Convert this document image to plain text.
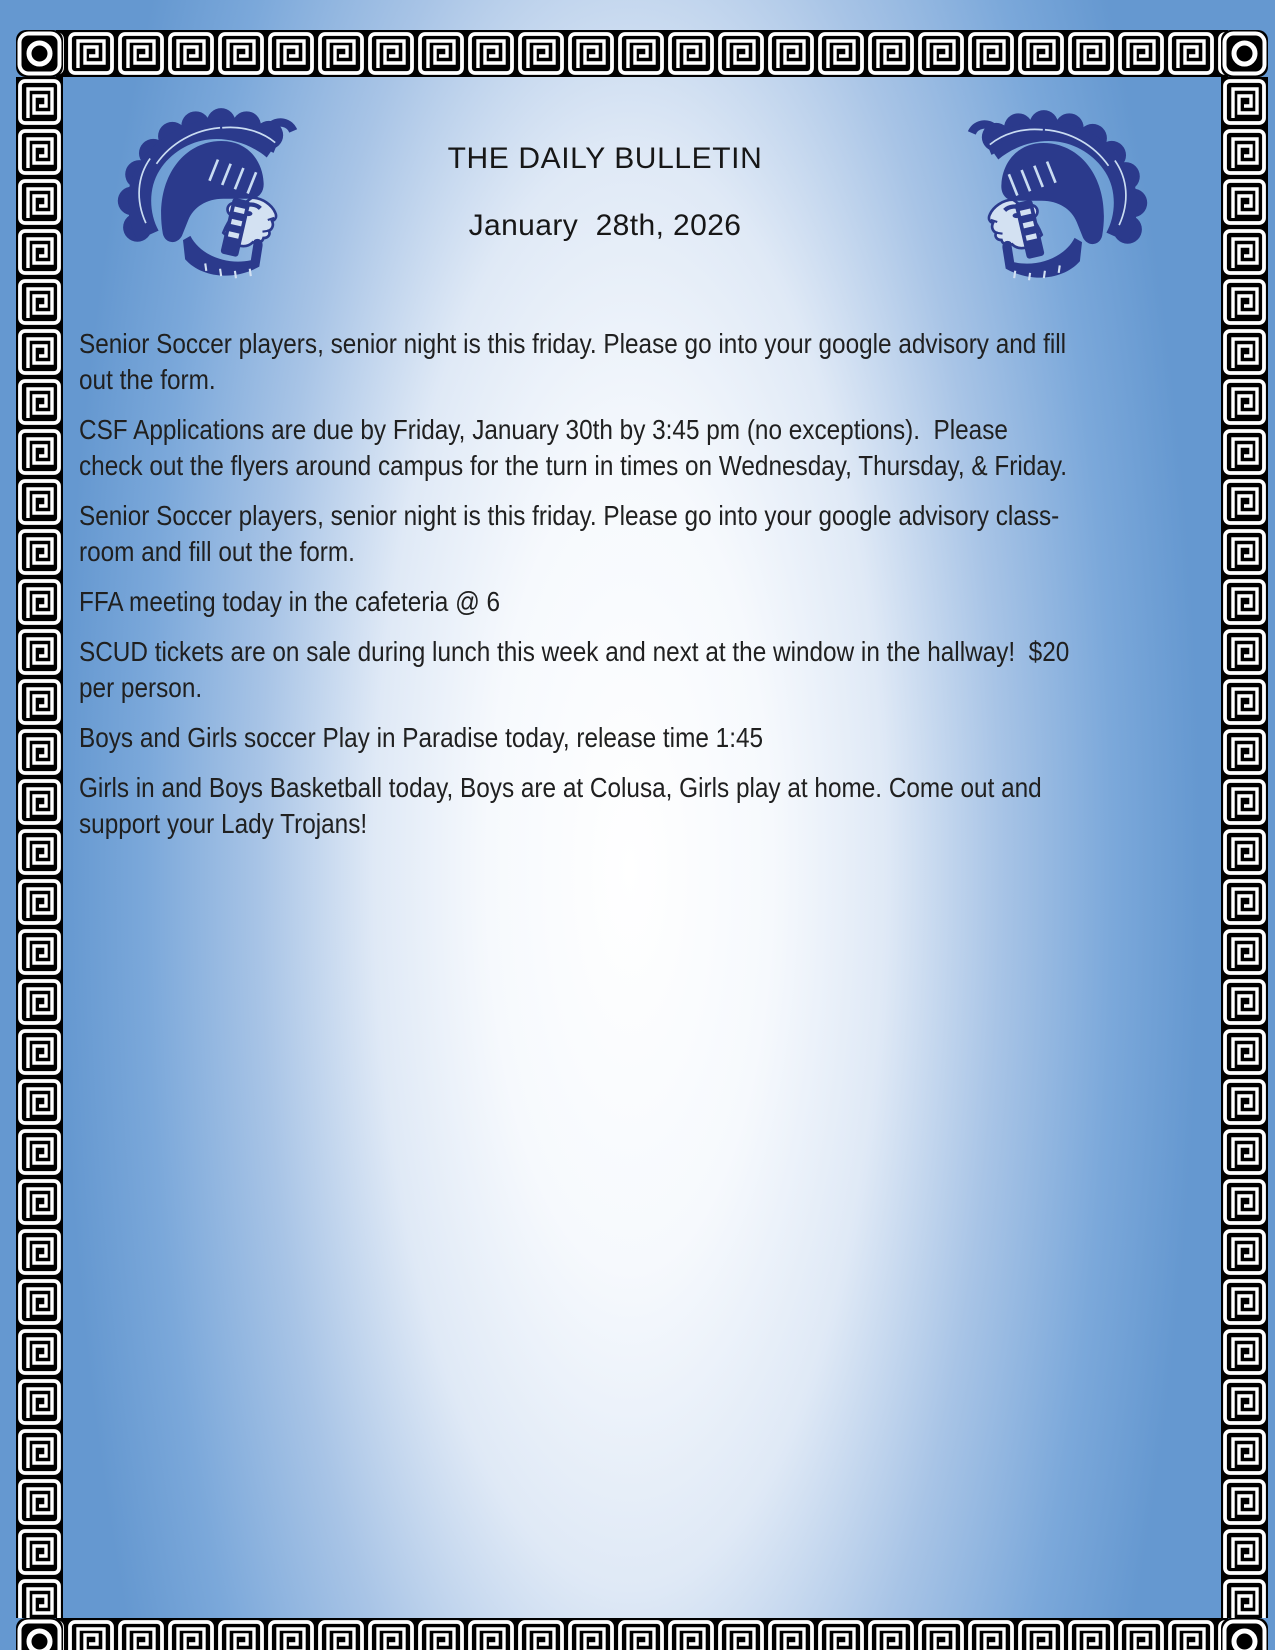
THE DAILY BULLETIN
January  28th, 2026
Senior Soccer players, senior night is this friday. Please go into your google advisory and fill
out the form.
CSF Applications are due by Friday, January 30th by 3:45 pm (no exceptions).  Please
check out the flyers around campus for the turn in times on Wednesday, Thursday, & Friday.
Senior Soccer players, senior night is this friday. Please go into your google advisory class-
room and fill out the form.
FFA meeting today in the cafeteria @ 6
SCUD tickets are on sale during lunch this week and next at the window in the hallway!  $20
per person.
Boys and Girls soccer Play in Paradise today, release time 1:45
Girls in and Boys Basketball today, Boys are at Colusa, Girls play at home. Come out and
support your Lady Trojans!
